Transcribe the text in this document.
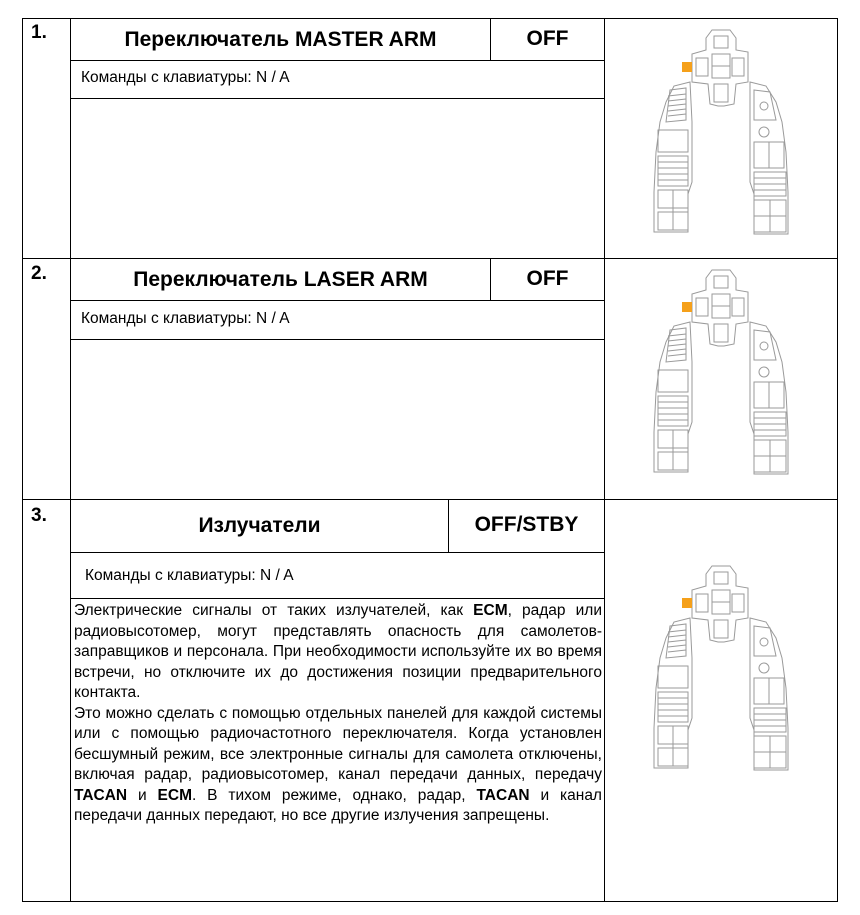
1.	Переключатель MASTER ARM	OFF
Команды с клавиатуры: N / A
2.	Переключатель LASER ARM	OFF
Команды с клавиатуры: N / A
3.	Излучатели	OFF/STBY
Команды с клавиатуры: N / A

Электрические сигналы от таких излучателей, как ECM, радар или радиовысотомер, могут представлять опасность для самолетов-заправщиков и персонала. При необходимости используйте их во время встречи, но отключите их до достижения позиции предварительного контакта.

Это можно сделать с помощью отдельных панелей для каждой системы или с помощью радиочастотного переключателя. Когда установлен бесшумный режим, все электронные сигналы для самолета отключены, включая радар, радиовысотомер, канал передачи данных, передачу TACAN и ECM. В тихом режиме, однако, радар, TACAN и канал передачи данных передают, но все другие излучения запрещены.
